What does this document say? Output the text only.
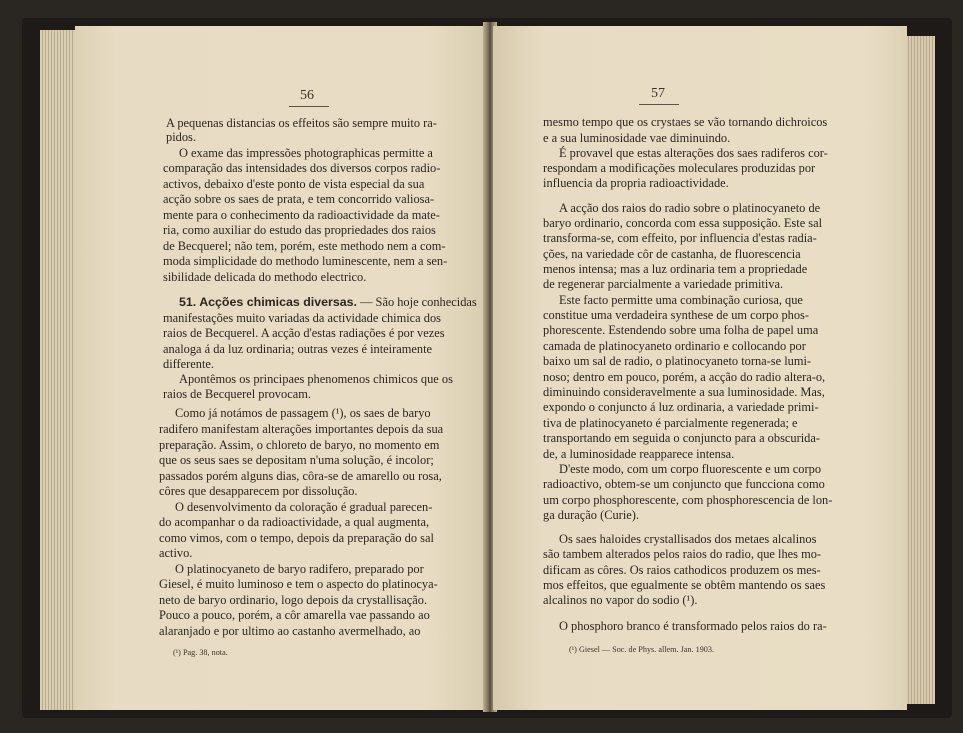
56
A pequenas distancias os effeitos são sempre muito ra-
pidos.
O exame das impressões photographicas permitte a
comparação das intensidades dos diversos corpos radio-
activos, debaixo d'este ponto de vista especial da sua
acção sobre os saes de prata, e tem concorrido valiosa-
mente para o conhecimento da radioactividade da mate-
ria, como auxiliar do estudo das propriedades dos raios
de Becquerel; não tem, porém, este methodo nem a com-
moda simplicidade do methodo luminescente, nem a sen-
sibilidade delicada do methodo electrico.
51. Acções chimicas diversas. — São hoje conhecidas
manifestações muito variadas da actividade chimica dos
raios de Becquerel. A acção d'estas radiações é por vezes
analoga á da luz ordinaria; outras vezes é inteiramente
differente.
Apontêmos os principaes phenomenos chimicos que os
raios de Becquerel provocam.
Como já notámos de passagem (¹), os saes de baryo
radifero manifestam alterações importantes depois da sua
preparação. Assim, o chloreto de baryo, no momento em
que os seus saes se depositam n'uma solução, é incolor;
passados porém alguns dias, côra-se de amarello ou rosa,
côres que desapparecem por dissolução.
O desenvolvimento da coloração é gradual parecen-
do acompanhar o da radioactividade, a qual augmenta,
como vimos, com o tempo, depois da preparação do sal
activo.
O platinocyaneto de baryo radifero, preparado por
Giesel, é muito luminoso e tem o aspecto do platinocya-
neto de baryo ordinario, logo depois da crystallisação.
Pouco a pouco, porém, a côr amarella vae passando ao
alaranjado e por ultimo ao castanho avermelhado, ao
(¹) Pag. 38, nota.
57
mesmo tempo que os crystaes se vão tornando dichroicos
e a sua luminosidade vae diminuindo.
É provavel que estas alterações dos saes radiferos cor-
respondam a modificações moleculares produzidas por
influencia da propria radioactividade.
A acção dos raios do radio sobre o platinocyaneto de
baryo ordinario, concorda com essa supposição. Este sal
transforma-se, com effeito, por influencia d'estas radia-
ções, na variedade côr de castanha, de fluorescencia
menos intensa; mas a luz ordinaria tem a propriedade
de regenerar parcialmente a variedade primitiva.
Este facto permitte uma combinação curiosa, que
constitue uma verdadeira synthese de um corpo phos-
phorescente. Estendendo sobre uma folha de papel uma
camada de platinocyaneto ordinario e collocando por
baixo um sal de radio, o platinocyaneto torna-se lumi-
noso; dentro em pouco, porém, a acção do radio altera-o,
diminuindo consideravelmente a sua luminosidade. Mas,
expondo o conjuncto á luz ordinaria, a variedade primi-
tiva de platinocyaneto é parcialmente regenerada; e
transportando em seguida o conjuncto para a obscurida-
de, a luminosidade reapparece intensa.
D'este modo, com um corpo fluorescente e um corpo
radioactivo, obtem-se um conjuncto que funcciona como
um corpo phosphorescente, com phosphorescencia de lon-
ga duração (Curie).
Os saes haloides crystallisados dos metaes alcalinos
são tambem alterados pelos raios do radio, que lhes mo-
dificam as côres. Os raios cathodicos produzem os mes-
mos effeitos, que egualmente se obtêm mantendo os saes
alcalinos no vapor do sodio (¹).
O phosphoro branco é transformado pelos raios do ra-
(¹) Giesel — Soc. de Phys. allem. Jan. 1903.
